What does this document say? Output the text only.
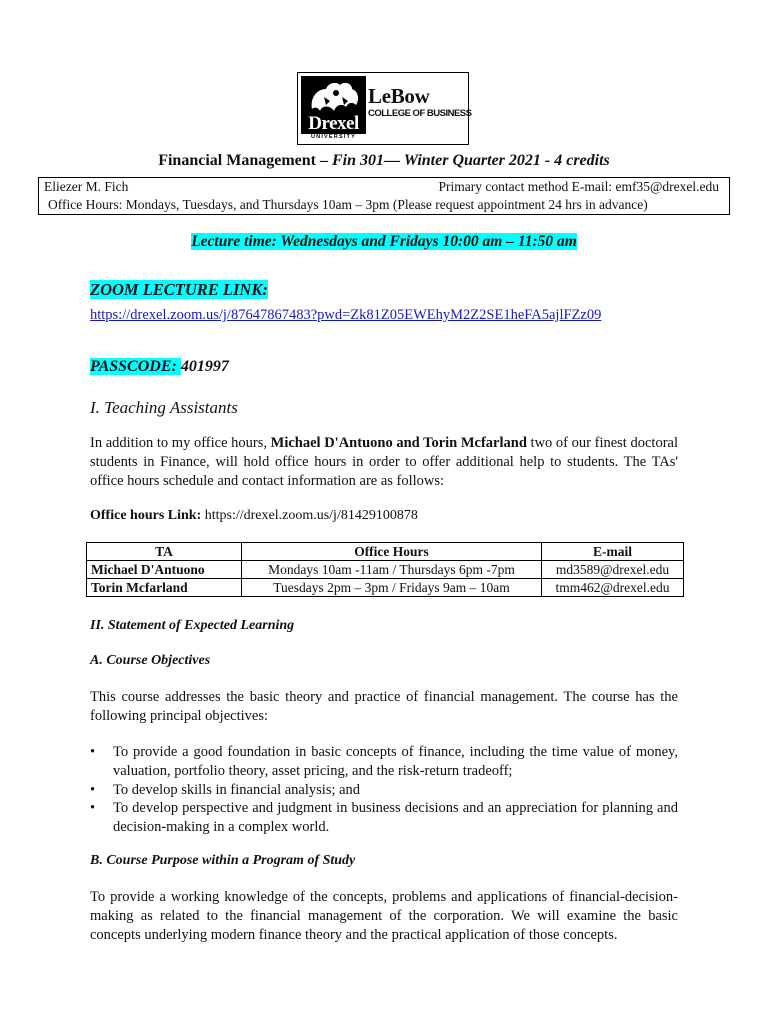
Drexel
UNIVERSITY
LeBow
COLLEGE OF BUSINESS
Financial Management – Fin 301— Winter Quarter 2021 - 4 credits
Eliezer M. Fich	Primary contact method E-mail: emf35@drexel.edu
Office Hours: Mondays, Tuesdays, and Thursdays 10am – 3pm (Please request appointment 24 hrs in advance)
Lecture time: Wednesdays and Fridays 10:00 am – 11:50 am
ZOOM LECTURE LINK:
https://drexel.zoom.us/j/87647867483?pwd=Zk81Z05EWEhyM2Z2SE1heFA5ajlFZz09
PASSCODE: 401997
I. Teaching Assistants
In addition to my office hours, Michael D'Antuono and Torin Mcfarland two of our finest doctoral students in Finance, will hold office hours in order to offer additional help to students. The TAs' office hours schedule and contact information are as follows:
Office hours Link: https://drexel.zoom.us/j/81429100878
TA	Office Hours	E-mail
Michael D'Antuono	Mondays 10am -11am / Thursdays 6pm -7pm	md3589@drexel.edu
Torin Mcfarland	Tuesdays 2pm – 3pm / Fridays 9am – 10am	tmm462@drexel.edu
II. Statement of Expected Learning
A. Course Objectives
This course addresses the basic theory and practice of financial management. The course has the following principal objectives:
• To provide a good foundation in basic concepts of finance, including the time value of money, valuation, portfolio theory, asset pricing, and the risk-return tradeoff;
• To develop skills in financial analysis; and
• To develop perspective and judgment in business decisions and an appreciation for planning and decision-making in a complex world.
B. Course Purpose within a Program of Study
To provide a working knowledge of the concepts, problems and applications of financial-decision-making as related to the financial management of the corporation. We will examine the basic concepts underlying modern finance theory and the practical application of those concepts.
